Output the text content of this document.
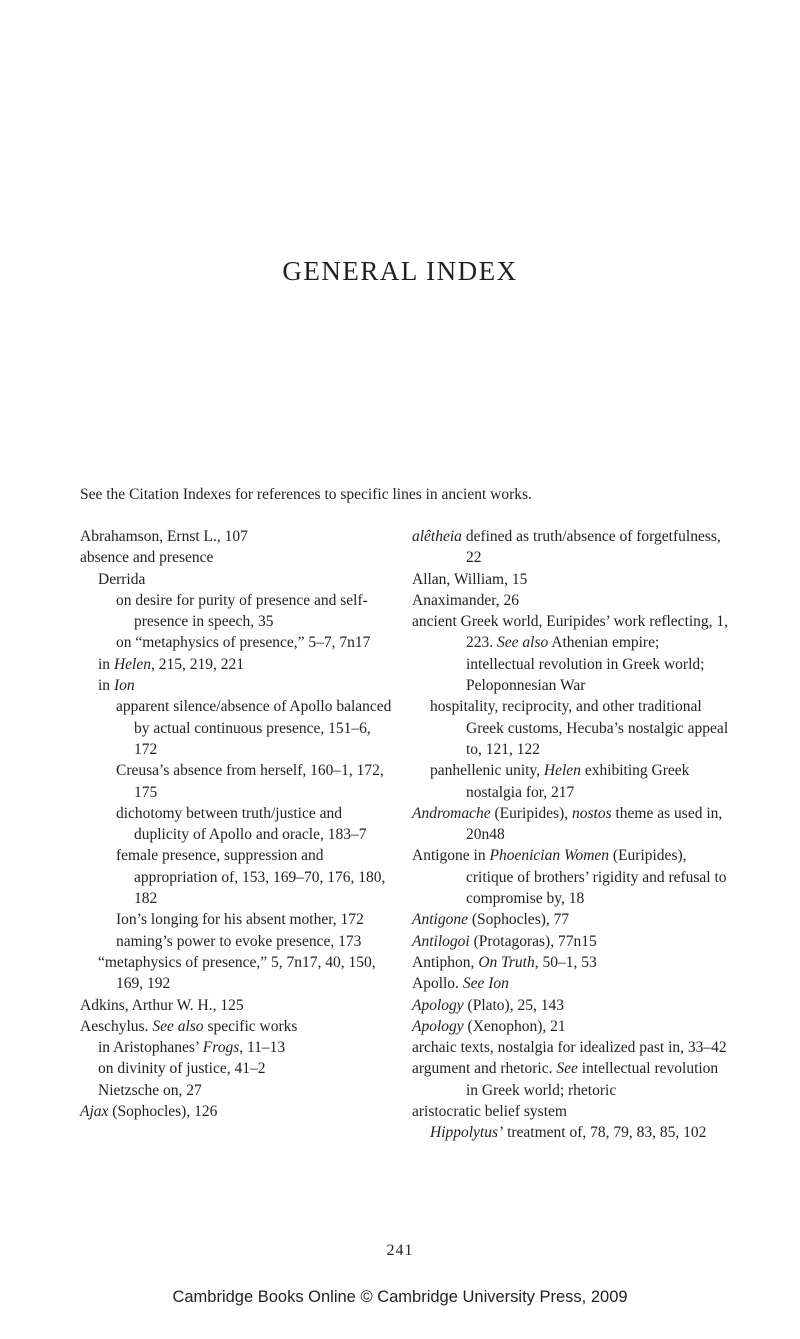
GENERAL INDEX

See the Citation Indexes for references to specific lines in ancient works.

Abrahamson, Ernst L., 107

absence and presence

Derrida

on desire for purity of presence and self-presence in speech, 35

on “metaphysics of presence,” 5–7, 7n17

in Helen, 215, 219, 221

in Ion

apparent silence/absence of Apollo balanced by actual continuous presence, 151–6, 172

Creusa’s absence from herself, 160–1, 172, 175

dichotomy between truth/justice and duplicity of Apollo and oracle, 183–7

female presence, suppression and appropriation of, 153, 169–70, 176, 180, 182

Ion’s longing for his absent mother, 172

naming’s power to evoke presence, 173

“metaphysics of presence,” 5, 7n17, 40, 150, 169, 192

Adkins, Arthur W. H., 125

Aeschylus. See also specific works

in Aristophanes’ Frogs, 11–13

on divinity of justice, 41–2

Nietzsche on, 27

Ajax (Sophocles), 126

alêtheia defined as truth/absence of forgetfulness, 22

Allan, William, 15

Anaximander, 26

ancient Greek world, Euripides’ work reflecting, 1, 223. See also Athenian empire; intellectual revolution in Greek world; Peloponnesian War

hospitality, reciprocity, and other traditional Greek customs, Hecuba’s nostalgic appeal to, 121, 122

panhellenic unity, Helen exhibiting Greek nostalgia for, 217

Andromache (Euripides), nostos theme as used in, 20n48

Antigone in Phoenician Women (Euripides), critique of brothers’ rigidity and refusal to compromise by, 18

Antigone (Sophocles), 77

Antilogoi (Protagoras), 77n15

Antiphon, On Truth, 50–1, 53

Apollo. See Ion

Apology (Plato), 25, 143

Apology (Xenophon), 21

archaic texts, nostalgia for idealized past in, 33–42

argument and rhetoric. See intellectual revolution in Greek world; rhetoric

aristocratic belief system

Hippolytus’ treatment of, 78, 79, 83, 85, 102

241
Cambridge Books Online © Cambridge University Press, 2009
